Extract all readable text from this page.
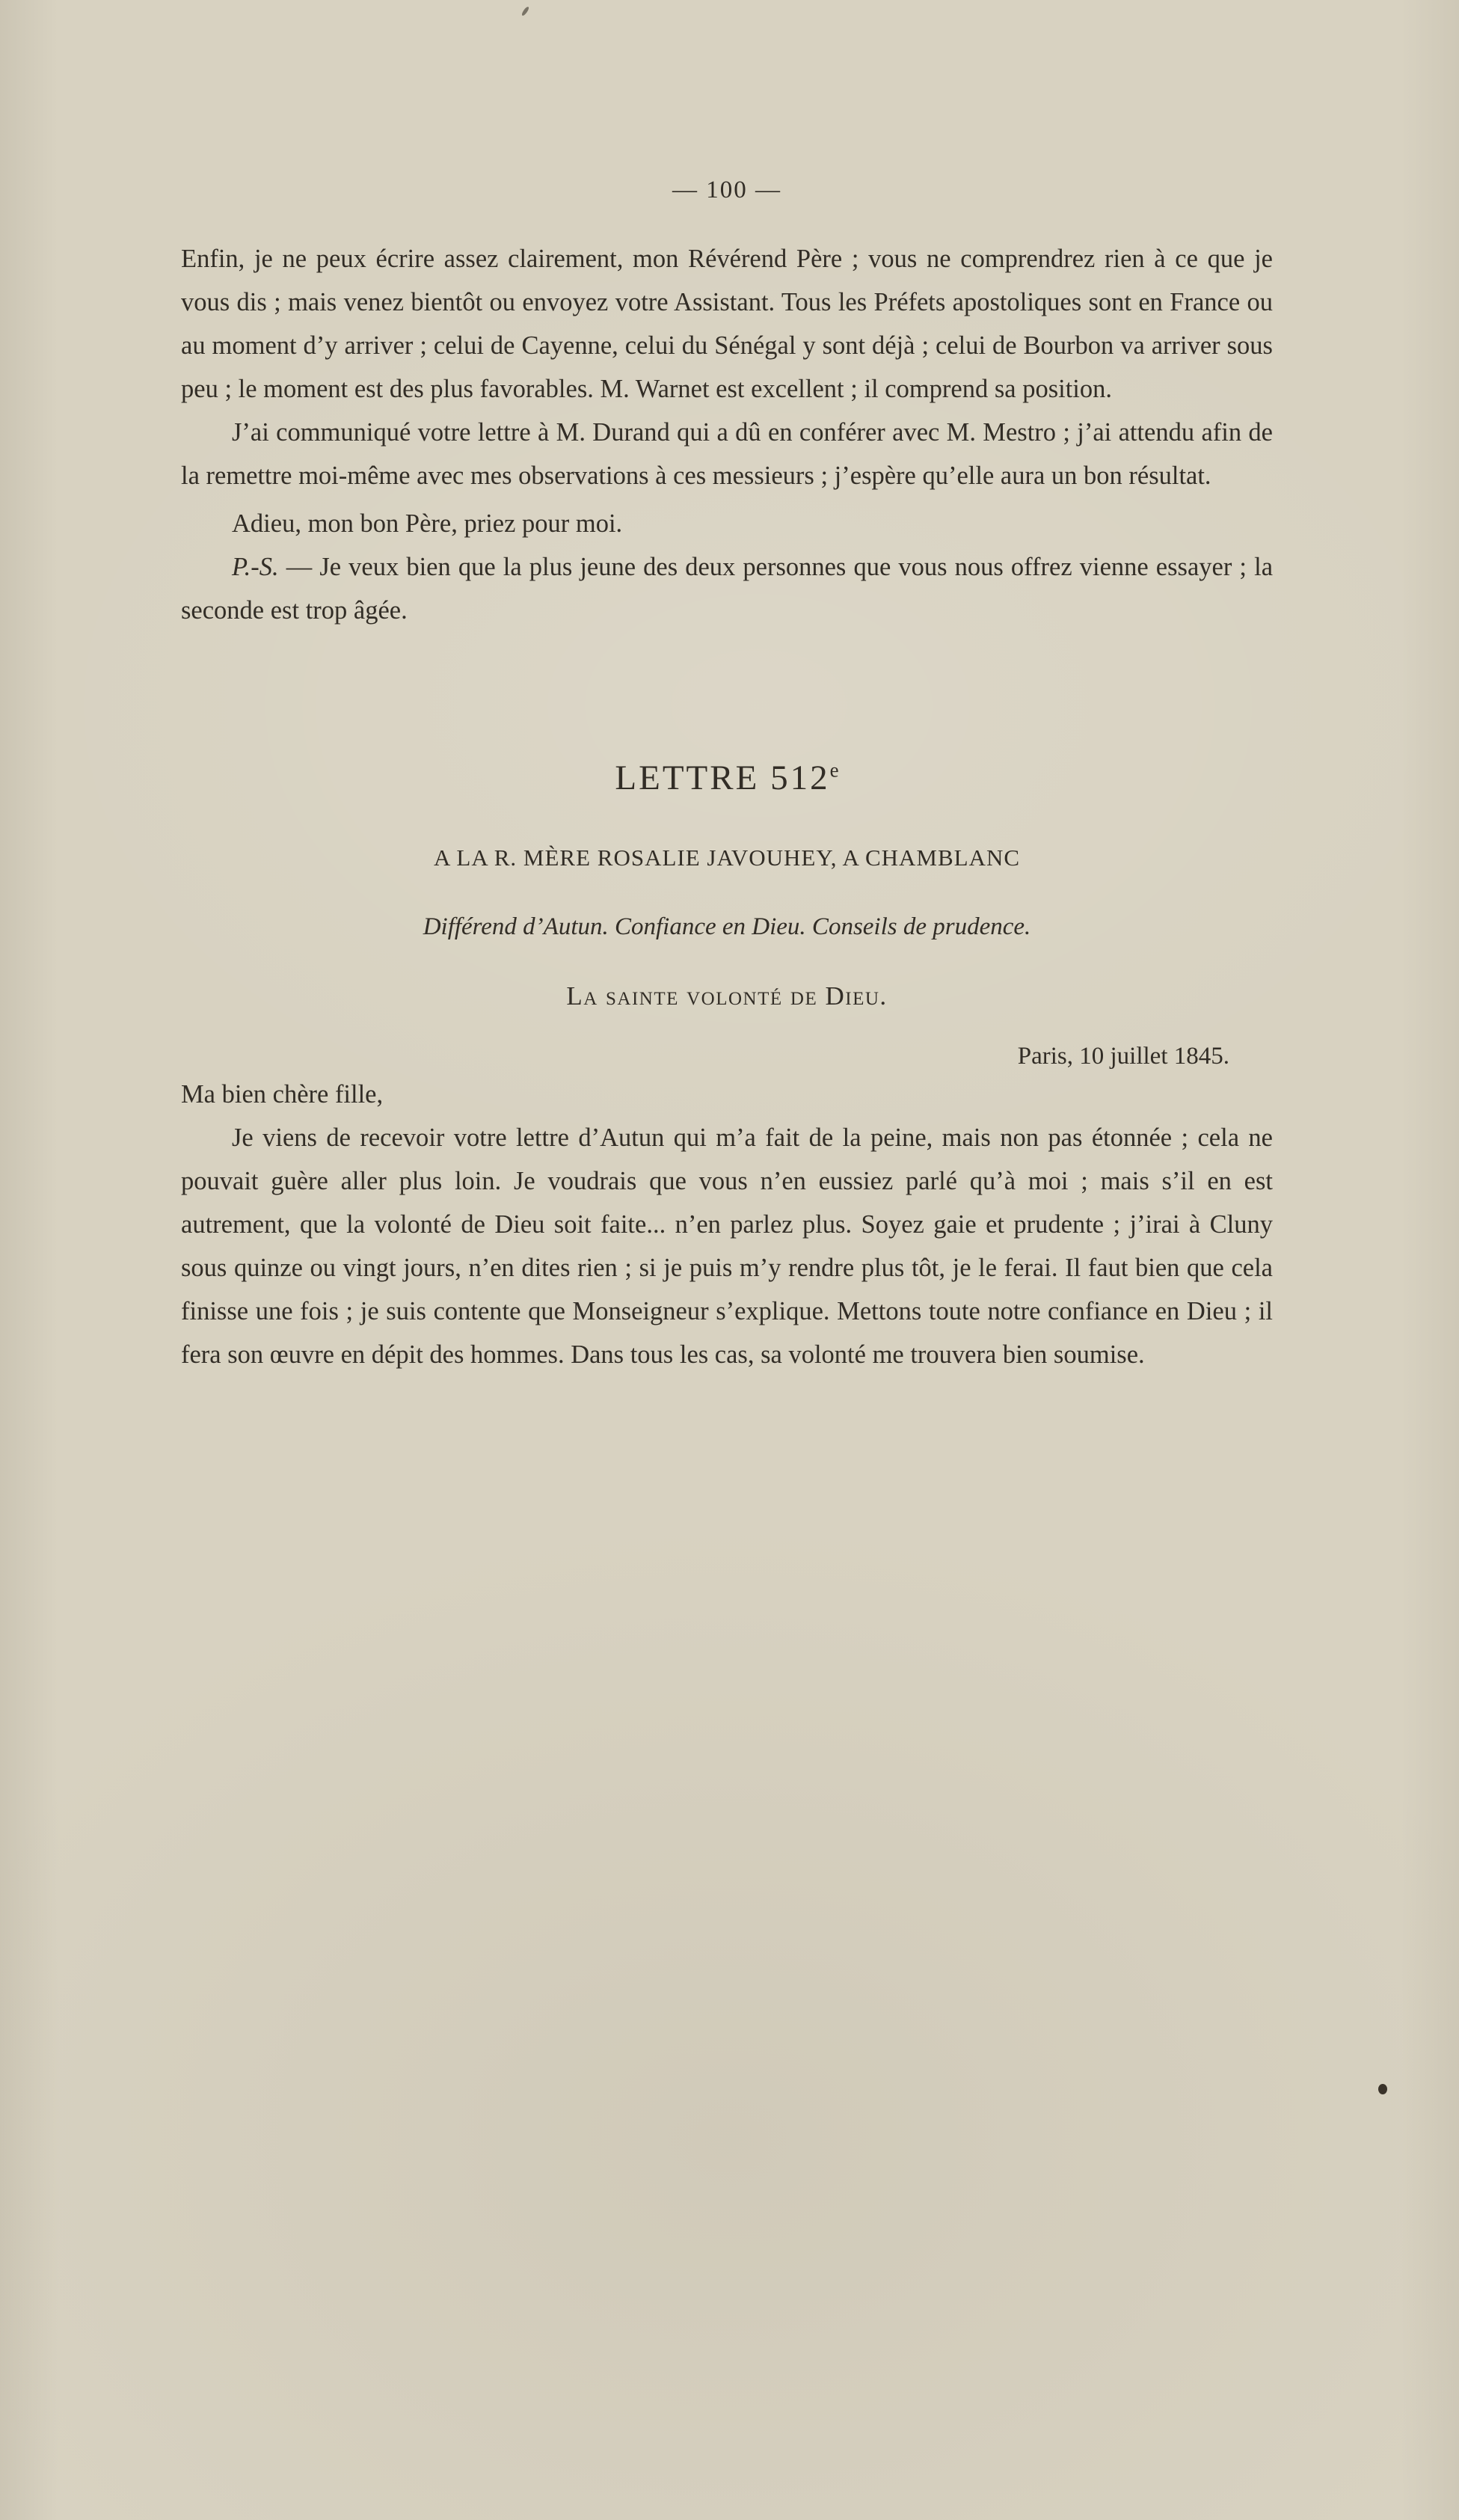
— 100 —

Enfin, je ne peux écrire assez clairement, mon Révérend Père ; vous ne comprendrez rien à ce que je vous dis ; mais venez bientôt ou envoyez votre Assistant. Tous les Préfets apostoliques sont en France ou au moment d’y arriver ; celui de Cayenne, celui du Sénégal y sont déjà ; celui de Bourbon va arriver sous peu ; le moment est des plus favorables. M. Warnet est excellent ; il comprend sa position.

J’ai communiqué votre lettre à M. Durand qui a dû en conférer avec M. Mestro ; j’ai attendu afin de la remettre moi-même avec mes observations à ces messieurs ; j’espère qu’elle aura un bon résultat.

Adieu, mon bon Père, priez pour moi.

P.-S. — Je veux bien que la plus jeune des deux personnes que vous nous offrez vienne essayer ; la seconde est trop âgée.

LETTRE 512e
A LA R. MÈRE ROSALIE JAVOUHEY, A CHAMBLANC
Différend d’Autun. Confiance en Dieu. Conseils de prudence.
La sainte volonté de Dieu.
Paris, 10 juillet 1845.

Ma bien chère fille,

Je viens de recevoir votre lettre d’Autun qui m’a fait de la peine, mais non pas étonnée ; cela ne pouvait guère aller plus loin. Je voudrais que vous n’en eussiez parlé qu’à moi ; mais s’il en est autrement, que la volonté de Dieu soit faite... n’en parlez plus. Soyez gaie et prudente ; j’irai à Cluny sous quinze ou vingt jours, n’en dites rien ; si je puis m’y rendre plus tôt, je le ferai. Il faut bien que cela finisse une fois ; je suis contente que Monseigneur s’explique. Mettons toute notre confiance en Dieu ; il fera son œuvre en dépit des hommes. Dans tous les cas, sa volonté me trouvera bien soumise.
